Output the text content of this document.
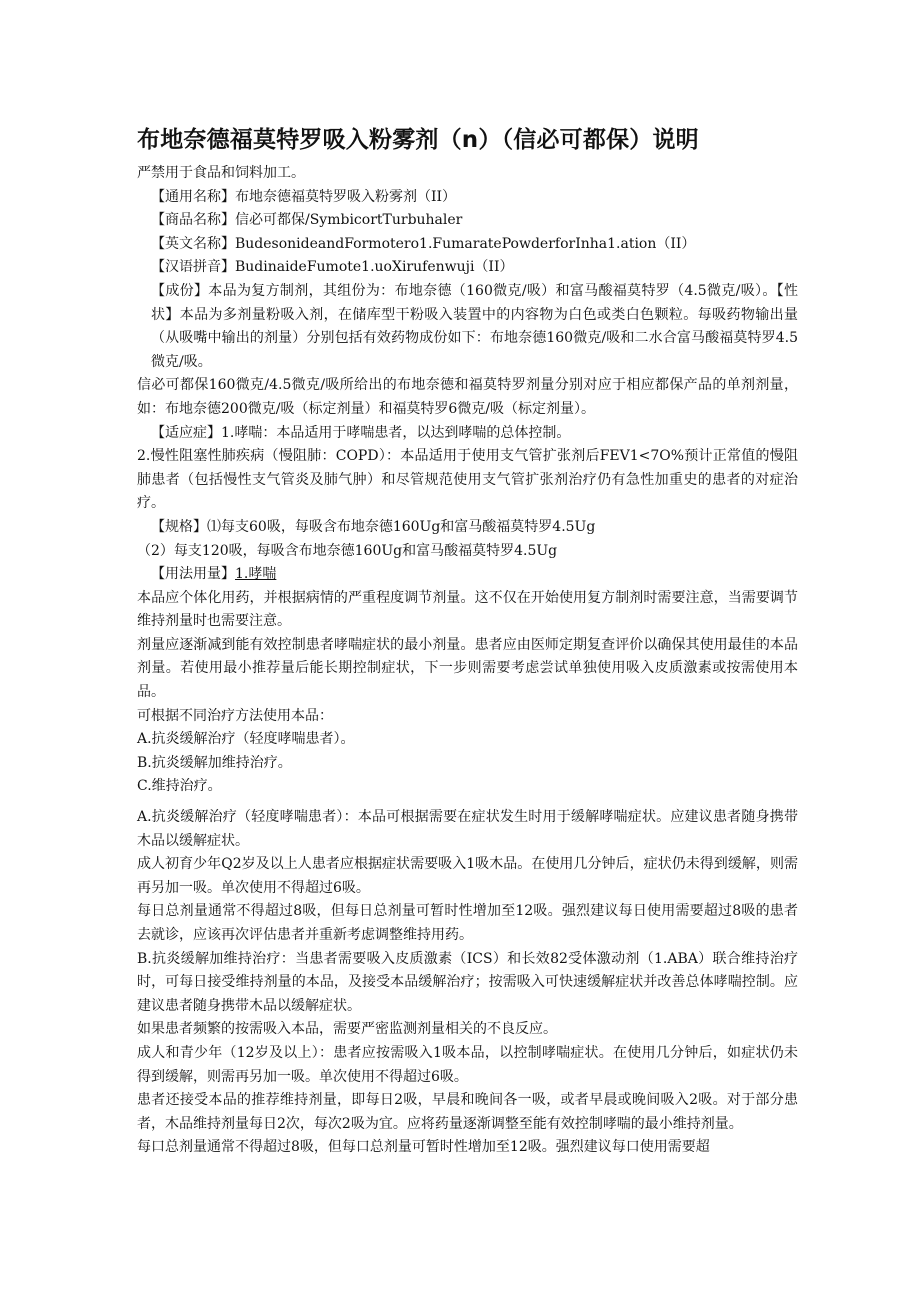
布地奈德福莫特罗吸入粉雾剂（n）（信必可都保）说明

严禁用于食品和饲料加工。

【通用名称】布地奈德福莫特罗吸入粉雾剂（II）

【商品名称】信必可都保/SymbicortTurbuhaler

【英文名称】BudesonideandFormotero1.FumaratePowderforInha1.ation（II）

【汉语拼音】BudinaideFumote1.uoXirufenwuji（II）

【成份】本品为复方制剂，其组份为：布地奈德（160微克/吸）和富马酸福莫特罗（4.5微克/吸）。【性状】本品为多剂量粉吸入剂，在储库型干粉吸入装置中的内容物为白色或类白色颗粒。每吸药物输出量（从吸嘴中输出的剂量）分别包括有效药物成份如下：布地奈德160微克/吸和二水合富马酸福莫特罗4.5微克/吸。

信必可都保160微克/4.5微克/吸所给出的布地奈德和福莫特罗剂量分别对应于相应都保产品的单剂剂量，如：布地奈德200微克/吸（标定剂量）和福莫特罗6微克/吸（标定剂量）。

【适应症】1.哮喘：本品适用于哮喘患者，以达到哮喘的总体控制。

2.慢性阻塞性肺疾病（慢阻肺：COPD）：本品适用于使用支气管扩张剂后FEV1<7O%预计正常值的慢阻肺患者（包括慢性支气管炎及肺气肿）和尽管规范使用支气管扩张剂治疗仍有急性加重史的患者的对症治疗。

【规格】⑴每支60吸，每吸含布地奈德160Ug和富马酸福莫特罗4.5Ug

（2）每支120吸，每吸含布地奈德160Ug和富马酸福莫特罗4.5Ug

【用法用量】1.哮喘

本品应个体化用药，并根据病情的严重程度调节剂量。这不仅在开始使用复方制剂时需要注意，当需要调节维持剂量时也需要注意。

剂量应逐渐减到能有效控制患者哮喘症状的最小剂量。患者应由医师定期复查评价以确保其使用最佳的本品剂量。若使用最小推荐量后能长期控制症状，下一步则需要考虑尝试单独使用吸入皮质激素或按需使用本品。

可根据不同治疗方法使用本品：

A.抗炎缓解治疗（轻度哮喘患者）。

B.抗炎缓解加维持治疗。

C.维持治疗。

A.抗炎缓解治疗（轻度哮喘患者）：本品可根据需要在症状发生时用于缓解哮喘症状。应建议患者随身携带木品以缓解症状。

成人初育少年Q2岁及以上人患者应根据症状需要吸入1吸木品。在使用几分钟后，症状仍未得到缓解，则需再另加一吸。单次使用不得超过6吸。

每日总剂量通常不得超过8吸，但每日总剂量可暂时性增加至12吸。强烈建议每日使用需要超过8吸的患者去就诊，应该再次评估患者并重新考虑调整维持用药。

B.抗炎缓解加维持治疗：当患者需要吸入皮质激素（ICS）和长效82受体激动剂（1.ABA）联合维持治疗时，可每日接受维持剂量的本品，及接受本品缓解治疗；按需吸入可快速缓解症状并改善总体哮喘控制。应建议患者随身携带木品以缓解症状。

如果患者频繁的按需吸入本品，需要严密监测剂量相关的不良反应。

成人和青少年（12岁及以上）：患者应按需吸入1吸本品，以控制哮喘症状。在使用几分钟后，如症状仍未得到缓解，则需再另加一吸。单次使用不得超过6吸。

患者还接受本品的推荐维持剂量，即每日2吸，早晨和晚间各一吸，或者早晨或晚间吸入2吸。对于部分患者，木品维持剂量每日2次，每次2吸为宜。应将药量逐渐调整至能有效控制哮喘的最小维持剂量。

每口总剂量通常不得超过8吸，但每口总剂量可暂时性增加至12吸。强烈建议每口使用需要超
